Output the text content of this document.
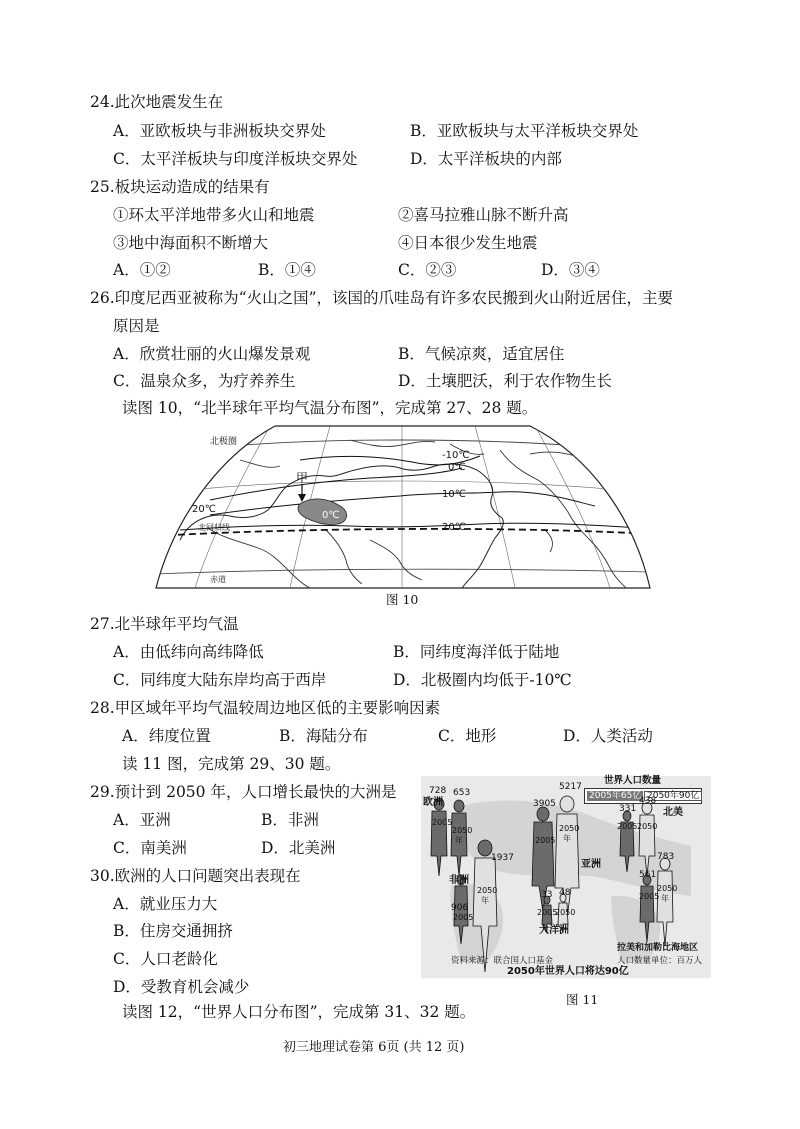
24.此次地震发生在
A．亚欧板块与非洲板块交界处	B．亚欧板块与太平洋板块交界处
C．太平洋板块与印度洋板块交界处	D．太平洋板块的内部
25.板块运动造成的结果有
①环太平洋地带多火山和地震	②喜马拉雅山脉不断升高
③地中海面积不断增大	④日本很少发生地震
A．①②	B．①④	C．②③	D．③④
26.印度尼西亚被称为“火山之国”，该国的爪哇岛有许多农民搬到火山附近居住，主要
原因是
A．欣赏壮丽的火山爆发景观	B．气候凉爽，适宜居住
C．温泉众多，为疗养养生	D．土壤肥沃，利于农作物生长
读图 10，“北半球年平均气温分布图”，完成第 27、28 题。
北极圈
-10℃
0℃
10℃
甲
0℃
20℃
20℃
北回归线
赤道
图 10
27.北半球年平均气温
A．由低纬向高纬降低	B．同纬度海洋低于陆地
C．同纬度大陆东岸均高于西岸	D．北极圈内均低于-10℃
28.甲区域年平均气温较周边地区低的主要影响因素
A．纬度位置	B．海陆分布	C．地形	D．人类活动
读 11 图，完成第 29、30 题。
29.预计到 2050 年，人口增长最快的大洲是
A．亚洲	B．非洲
C．南美洲	D．北美洲
30.欧洲的人口问题突出表现在
A．就业压力大
B．住房交通拥挤
C．人口老龄化
D．受教育机会减少
世界人口数量
2005年65亿 2050年90亿
欧洲
亚洲
非洲
大洋洲
北美
拉美和加勒比海地区
728 653
3905
5217
906
1937
33 48
331
438
561
783
2005
2050
年	2005
2050
年
2005
2050
年
2005
2050
2005 2050
2005
2050
年
资料来源：联合国人口基金	人口数量单位：百万人
2050年世界人口将达90亿
图 11
读图 12，“世界人口分布图”，完成第 31、32 题。
初三地理试卷第 6页 (共 12 页)
